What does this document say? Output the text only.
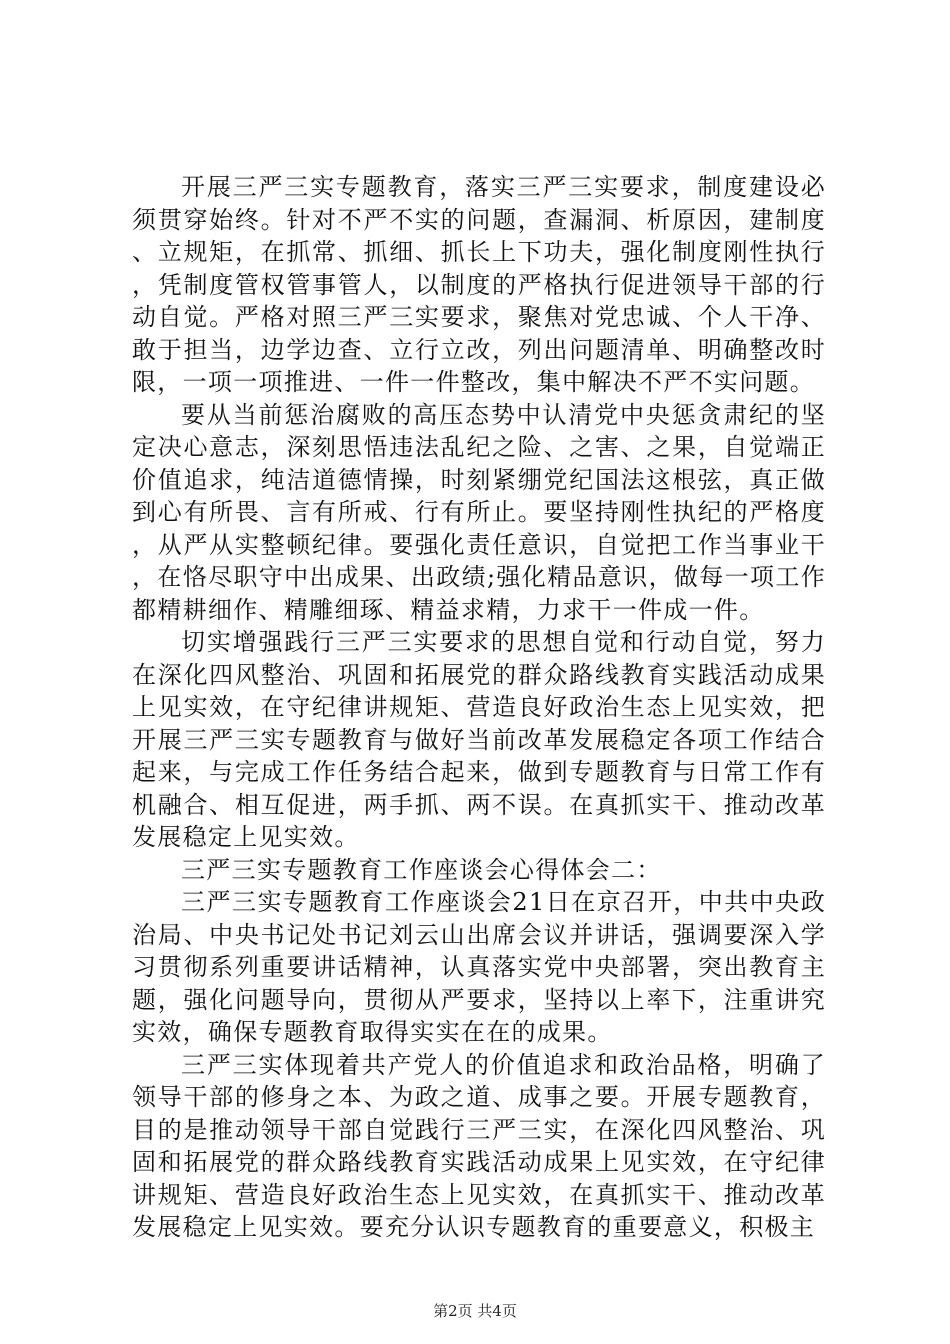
开展三严三实专题教育，落实三严三实要求，制度建设必须贯穿始终。针对不严不实的问题，查漏洞、析原因，建制度、立规矩，在抓常、抓细、抓长上下功夫，强化制度刚性执行，凭制度管权管事管人，以制度的严格执行促进领导干部的行动自觉。严格对照三严三实要求，聚焦对党忠诚、个人干净、敢于担当，边学边查、立行立改，列出问题清单、明确整改时限，一项一项推进、一件一件整改，集中解决不严不实问题。

要从当前惩治腐败的高压态势中认清党中央惩贪肃纪的坚定决心意志，深刻思悟违法乱纪之险、之害、之果，自觉端正价值追求，纯洁道德情操，时刻紧绷党纪国法这根弦，真正做到心有所畏、言有所戒、行有所止。要坚持刚性执纪的严格度，从严从实整顿纪律。要强化责任意识，自觉把工作当事业干，在恪尽职守中出成果、出政绩;强化精品意识，做每一项工作都精耕细作、精雕细琢、精益求精，力求干一件成一件。

切实增强践行三严三实要求的思想自觉和行动自觉，努力在深化四风整治、巩固和拓展党的群众路线教育实践活动成果上见实效，在守纪律讲规矩、营造良好政治生态上见实效，把开展三严三实专题教育与做好当前改革发展稳定各项工作结合起来，与完成工作任务结合起来，做到专题教育与日常工作有机融合、相互促进，两手抓、两不误。在真抓实干、推动改革发展稳定上见实效。

三严三实专题教育工作座谈会心得体会二：

三严三实专题教育工作座谈会21日在京召开，中共中央政治局、中央书记处书记刘云山出席会议并讲话，强调要深入学习贯彻系列重要讲话精神，认真落实党中央部署，突出教育主题，强化问题导向，贯彻从严要求，坚持以上率下，注重讲究实效，确保专题教育取得实实在在的成果。

三严三实体现着共产党人的价值追求和政治品格，明确了领导干部的修身之本、为政之道、成事之要。开展专题教育，目的是推动领导干部自觉践行三严三实，在深化四风整治、巩固和拓展党的群众路线教育实践活动成果上见实效，在守纪律讲规矩、营造良好政治生态上见实效，在真抓实干、推动改革发展稳定上见实效。要充分认识专题教育的重要意义，积极主

第2页 共4页
